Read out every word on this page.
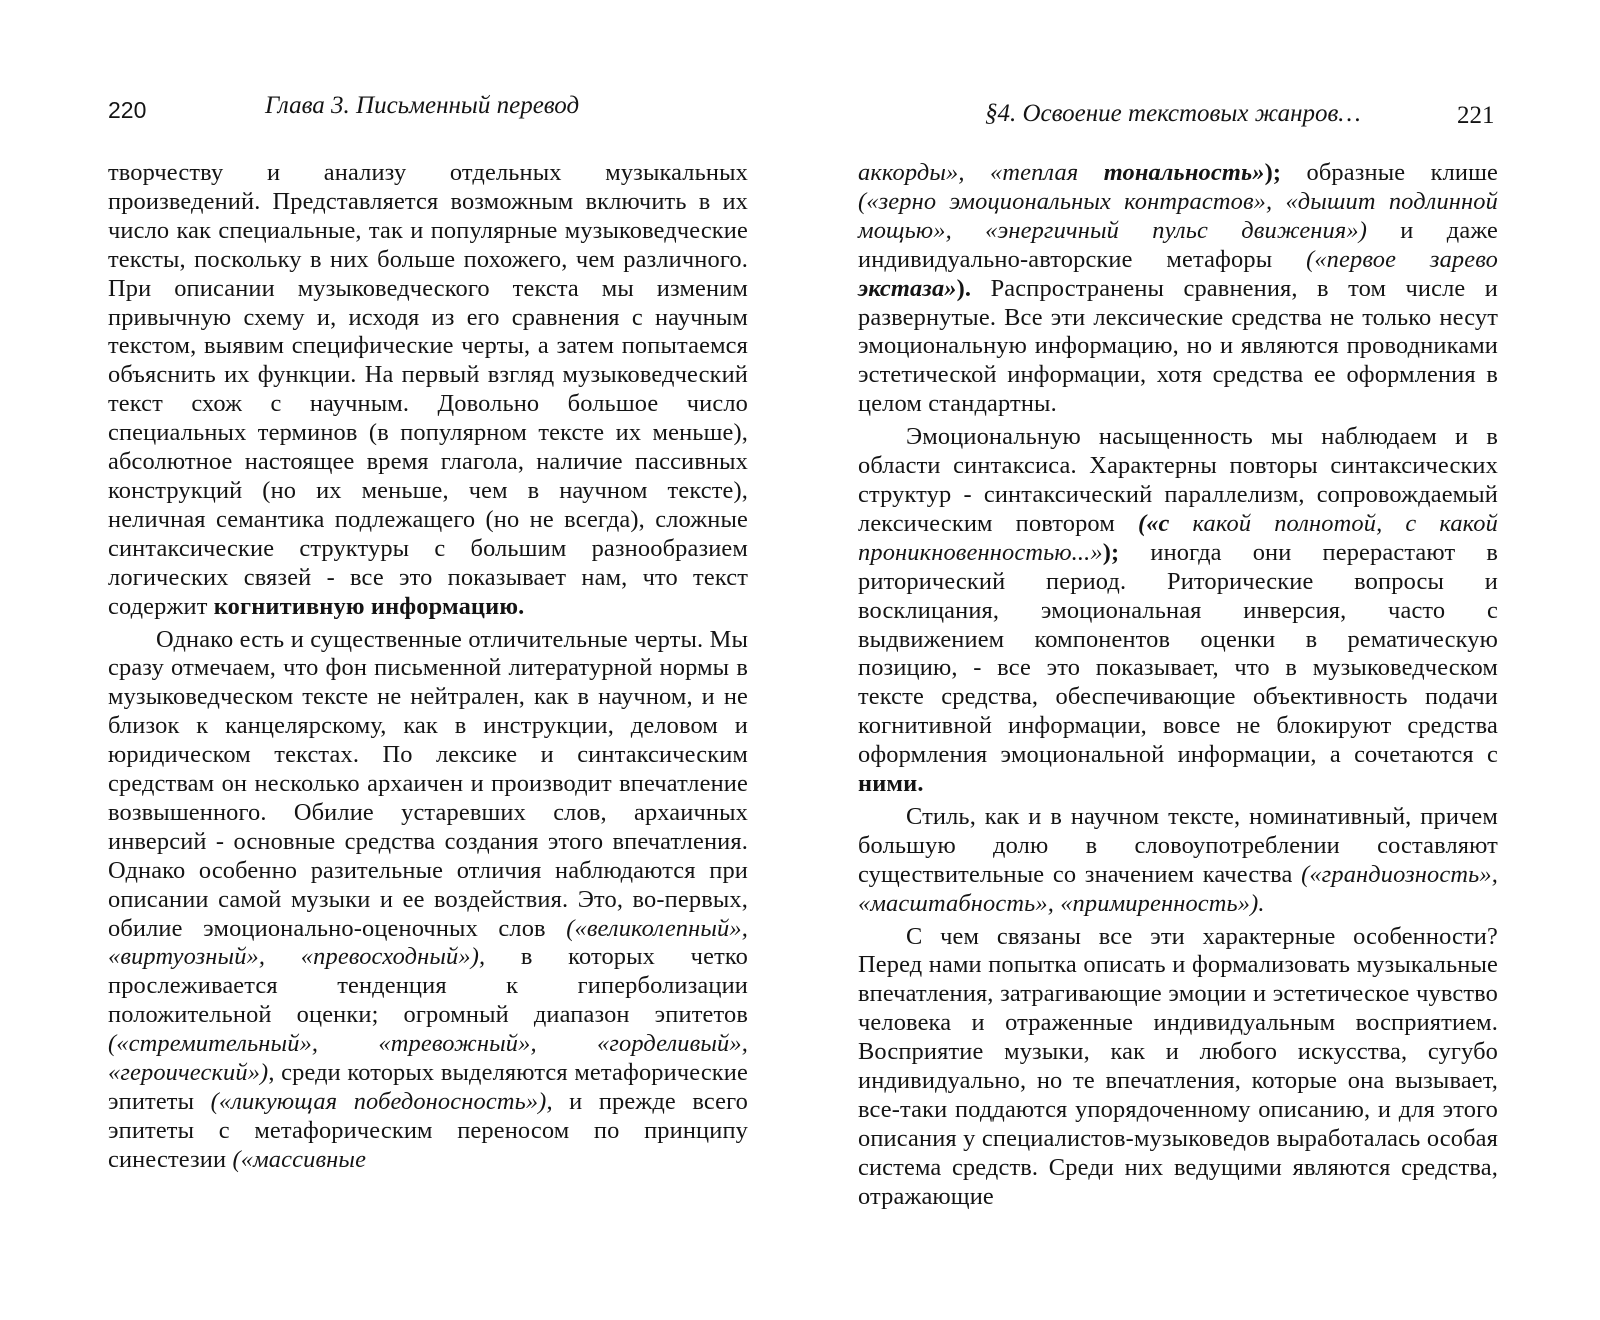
220	Глава 3. Письменный перевод

творчеству и анализу отдельных музыкальных произведений. Представляется возможным включить в их число как специальные, так и популярные музыковедческие тексты, поскольку в них больше похожего, чем различного. При описании музыковедческого текста мы изменим привычную схему и, исходя из его сравнения с научным текстом, выявим специфические черты, а затем попытаемся объяснить их функции. На первый взгляд музыковедческий текст схож с научным. Довольно большое число специальных терминов (в популярном тексте их меньше), абсолютное настоящее время глагола, наличие пассивных конструкций (но их меньше, чем в научном тексте), неличная семантика подлежащего (но не всегда), сложные синтаксические структуры с большим разнообразием логических связей - все это показывает нам, что текст содержит когнитивную информацию.

Однако есть и существенные отличительные черты. Мы сразу отмечаем, что фон письменной литературной нормы в музыковедческом тексте не нейтрален, как в научном, и не близок к канцелярскому, как в инструкции, деловом и юридическом текстах. По лексике и синтаксическим средствам он несколько архаичен и производит впечатление возвышенного. Обилие устаревших слов, архаичных инверсий - основные средства создания этого впечатления. Однако особенно разительные отличия наблюдаются при описании самой музыки и ее воздействия. Это, во-первых, обилие эмоционально-оценочных слов («великолепный», «виртуозный», «превосходный»), в которых четко прослеживается тенденция к гиперболизации положительной оценки; огромный диапазон эпитетов («стремительный», «тревожный», «горделивый», «героический»), среди которых выделяются метафорические эпитеты («ликующая победоносность»), и прежде всего эпитеты с метафорическим переносом по принципу синестезии («массивные

§4. Освоение текстовых жанров…	221

аккорды», «теплая тональность»); образные клише («зерно эмоциональных контрастов», «дышит подлинной мощью», «энергичный пульс движения») и даже индивидуально-авторские метафоры («первое зарево экстаза»). Распространены сравнения, в том числе и развернутые. Все эти лексические средства не только несут эмоциональную информацию, но и являются проводниками эстетической информации, хотя средства ее оформления в целом стандартны.

Эмоциональную насыщенность мы наблюдаем и в области синтаксиса. Характерны повторы синтаксических структур - синтаксический параллелизм, сопровождаемый лексическим повтором («с какой полнотой, с какой проникновенностью...»); иногда они перерастают в риторический период. Риторические вопросы и восклицания, эмоциональная инверсия, часто с выдвижением компонентов оценки в рематическую позицию, - все это показывает, что в музыковедческом тексте средства, обеспечивающие объективность подачи когнитивной информации, вовсе не блокируют средства оформления эмоциональной информации, а сочетаются с ними.

Стиль, как и в научном тексте, номинативный, причем большую долю в словоупотреблении составляют существительные со значением качества («грандиозность», «масштабность», «примиренность»).

С чем связаны все эти характерные особенности? Перед нами попытка описать и формализовать музыкальные впечатления, затрагивающие эмоции и эстетическое чувство человека и отраженные индивидуальным восприятием. Восприятие музыки, как и любого искусства, сугубо индивидуально, но те впечатления, которые она вызывает, все-таки поддаются упорядоченному описанию, и для этого описания у специалистов-музыковедов выработалась особая система средств. Среди них ведущими являются средства, отражающие
